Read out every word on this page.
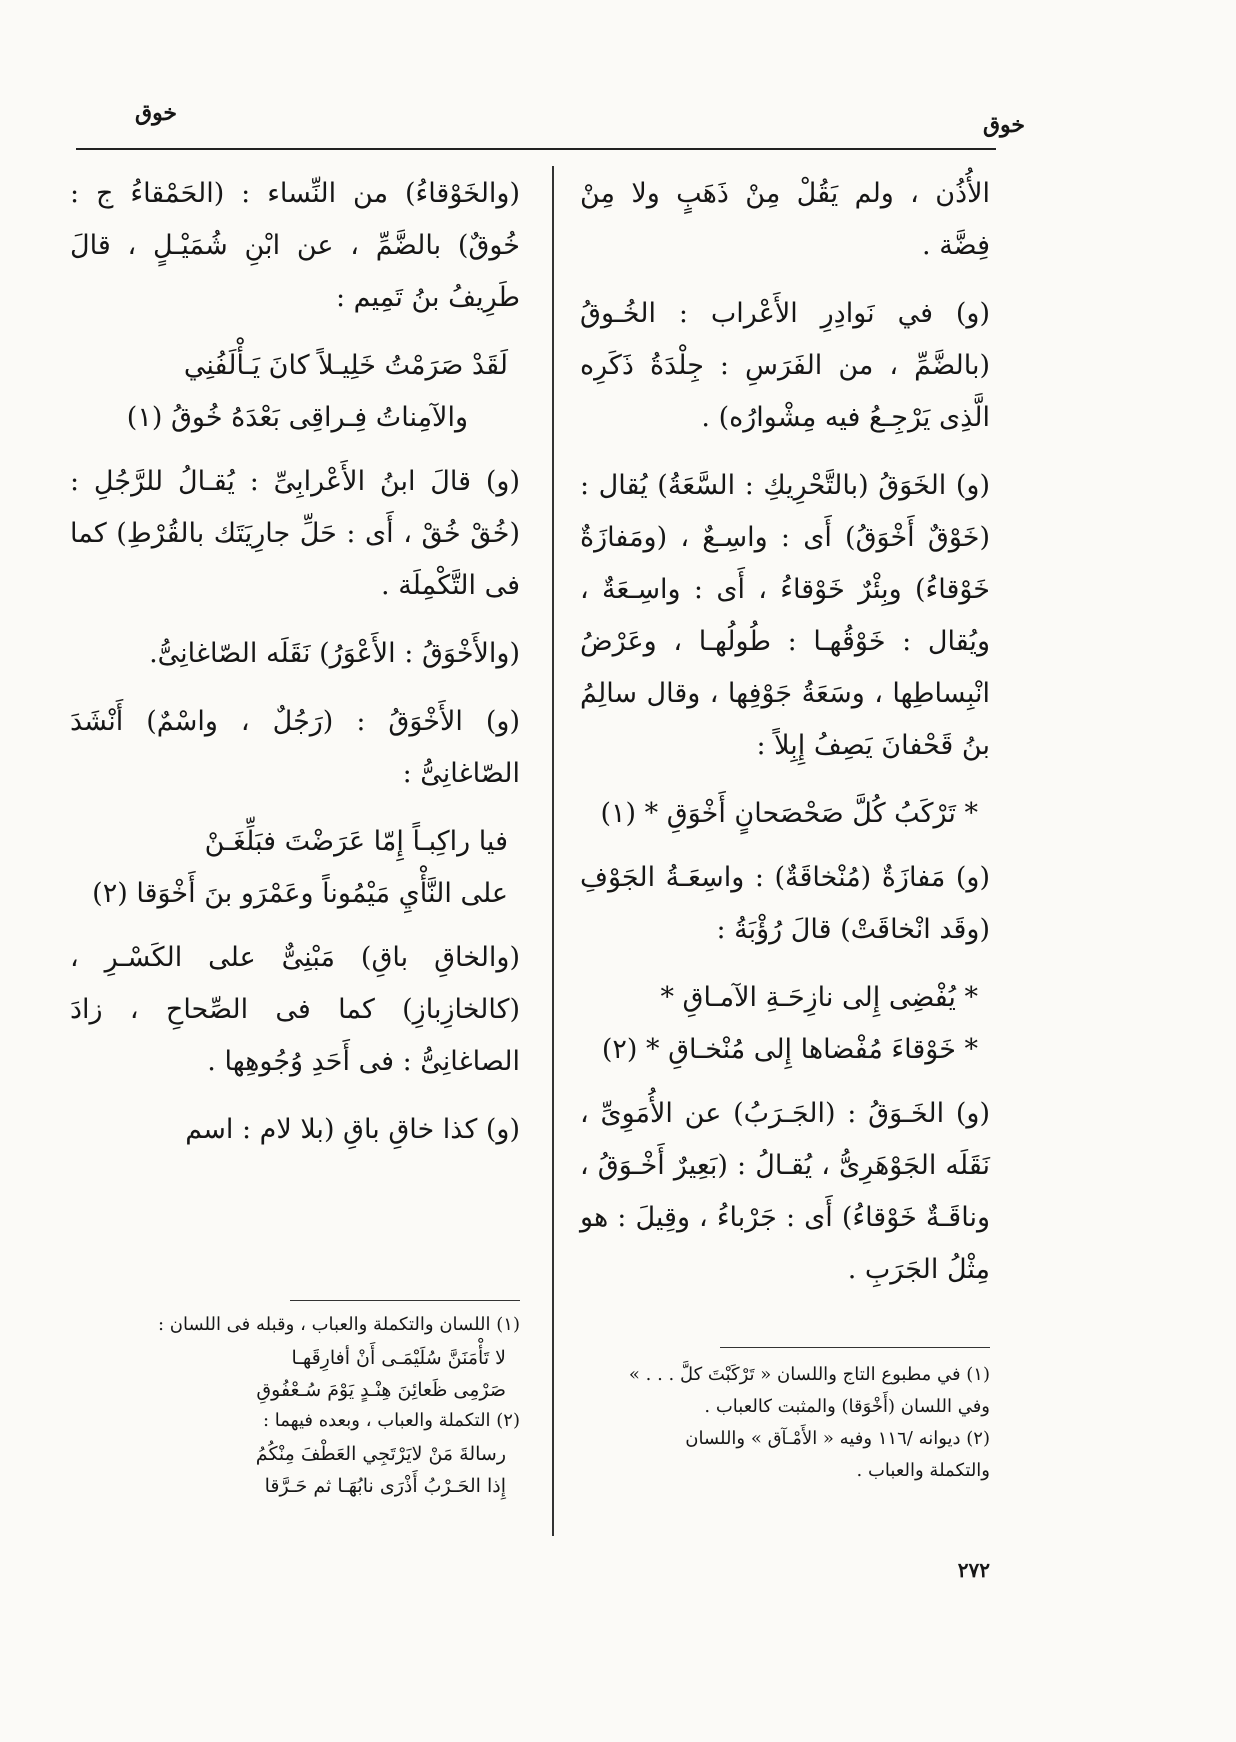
خوق
خوق

الأُذُن ، ولم يَقُلْ مِنْ ذَهَبٍ ولا مِنْ فِضَّة .

(و) في نَوادِرِ الأَعْراب : الخُـوقُ (بالضَّمِّ ، من الفَرَسِ : جِلْدَةُ ذَكَرِه الَّذِى يَرْجِـعُ فيه مِشْوارُه) .

(و) الخَوَقُ (بالتَّحْرِيكِ : السَّعَةُ) يُقال : (خَوْقٌ أَخْوَقُ) أَى : واسِـعٌ ، (ومَفازَةٌ خَوْقاءُ) وبِئْرٌ خَوْقاءُ ، أَى : واسِـعَةٌ ، ويُقال : خَوْقُهـا : طُولُهـا ، وعَرْضُ انْبِساطِها ، وسَعَةُ جَوْفِها ، وقال سالِمُ بنُ قَحْفانَ يَصِفُ إِبِلاً :

* تَرْكَبُ كُلَّ صَحْصَحانٍ أَخْوَقِ * (١)

(و) مَفازَةٌ (مُنْخاقَةٌ) : واسِعَـةُ الجَوْفِ (وقَد انْخاقَتْ) قالَ رُؤْبَةُ :

* يُفْضِى إِلى نازِحَـةِ الآمـاقِ *
* خَوْقاءَ مُفْضاها إِلى مُنْخـاقِ * (٢)

(و) الخَـوَقُ : (الجَـرَبُ) عن الأُمَوِىِّ ، نَقَلَه الجَوْهَرِىُّ ، يُقـالُ : (بَعِيرٌ أَخْـوَقُ ، وناقَـةٌ خَوْقاءُ) أَى : جَرْباءُ ، وقِيلَ : هو مِثْلُ الجَرَبِ .

(والخَوْقاءُ) من النِّساء : (الحَمْقاءُ ج : خُوقٌ) بالضَّمِّ ، عن ابْنِ شُمَيْـلٍ ، قالَ طَرِيفُ بنُ تَمِيم :

لَقَدْ صَرَمْتُ خَلِيـلاً كانَ يَـأْلَفُنِي
والآمِناتُ فِـراقِى بَعْدَهُ خُوقُ (١)

(و) قالَ ابنُ الأَعْرابِىِّ : يُقـالُ للرَّجُلِ : (خُقْ خُقْ ، أَى : حَلِّ جارِيَتَك بالقُرْطِ) كما فى التَّكْمِلَة .

(والأَخْوَقُ : الأَعْوَرُ) نَقَلَه الصّاغانِىُّ.

(و) الأَخْوَقُ : (رَجُلٌ ، واسْمٌ) أَنْشَدَ الصّاغانِىُّ :

فيا راكِبـاً إِمّا عَرَضْتَ فبَلِّغَـنْ
على النَّأْيِ مَيْمُوناً وعَمْرَو بنَ أَخْوَقا (٢)

(والخاقِ باقِ) مَبْنِىٌّ على الكَسْـرِ ، (كالخازِبازِ) كما فى الصِّحاحِ ، زادَ الصاغانِىُّ : فى أَحَدِ وُجُوهِها .

(و) كذا خاقِ باقِ (بلا لام : اسم

(١) في مطبوع التاج واللسان « تَرْكَبْتَ كلَّ . . . »
وفي اللسان (أَخْوَقا) والمثبت كالعباب .
(٢) ديوانه /١١٦ وفيه « الأَمْـآق » واللسان
والتكملة والعباب .
(١) اللسان والتكملة والعباب ، وقبله فى اللسان :
لا تَأْمَنَنَّ سُلَيْمَـى أَنْ أفارِقَهـا
صَرْمِى ظَعائِنَ هِنْـدٍ يَوْمَ سُـعْفُوقِ
(٢) التكملة والعباب ، وبعده فيهما :
رسالةَ مَنْ لايَرْتَجِي العَطْفَ مِنْكُمُ
إِذا الحَـرْبُ أَذْرَى نابُهَـا ثم حَـرَّقا
٢٧٢
